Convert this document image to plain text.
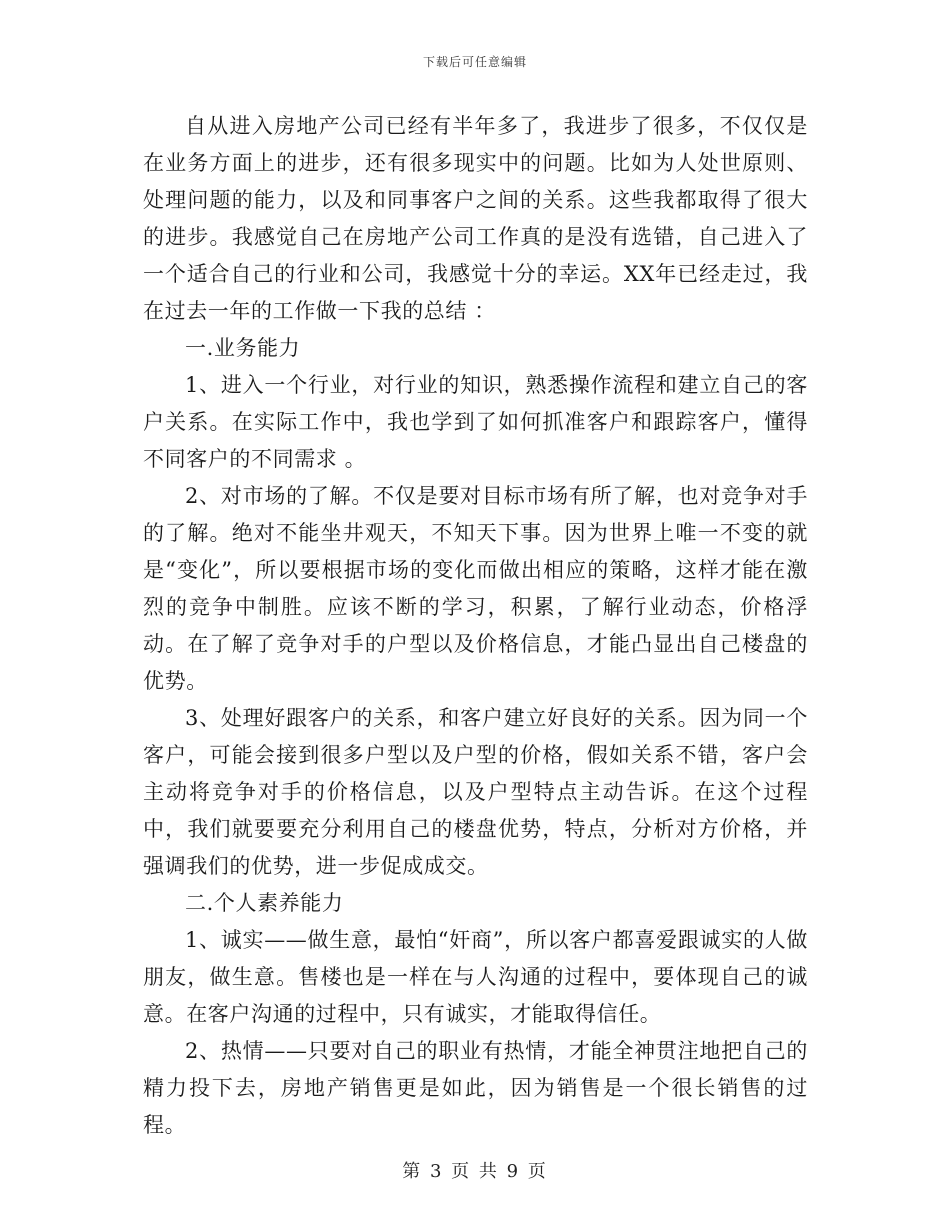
下载后可任意编辑

自从进入房地产公司已经有半年多了，我进步了很多，不仅仅是在业务方面上的进步，还有很多现实中的问题。比如为人处世原则、处理问题的能力，以及和同事客户之间的关系。这些我都取得了很大的进步。我感觉自己在房地产公司工作真的是没有选错，自己进入了一个适合自己的行业和公司，我感觉十分的幸运。XX年已经走过，我在过去一年的工作做一下我的总结 ：

一.业务能力

1、进入一个行业，对行业的知识，熟悉操作流程和建立自己的客户关系。在实际工作中，我也学到了如何抓准客户和跟踪客户，懂得不同客户的不同需求 。

2、对市场的了解。不仅是要对目标市场有所了解，也对竞争对手的了解。绝对不能坐井观天，不知天下事。因为世界上唯一不变的就是“变化”，所以要根据市场的变化而做出相应的策略，这样才能在激烈的竞争中制胜。应该不断的学习，积累，了解行业动态，价格浮动。在了解了竞争对手的户型以及价格信息，才能凸显出自己楼盘的优势。

3、处理好跟客户的关系，和客户建立好良好的关系。因为同一个客户，可能会接到很多户型以及户型的价格，假如关系不错，客户会主动将竞争对手的价格信息，以及户型特点主动告诉。在这个过程中，我们就要要充分利用自己的楼盘优势，特点，分析对方价格，并强调我们的优势，进一步促成成交。

二.个人素养能力

1、诚实——做生意，最怕“奸商”，所以客户都喜爱跟诚实的人做朋友，做生意。售楼也是一样在与人沟通的过程中，要体现自己的诚意。在客户沟通的过程中，只有诚实，才能取得信任。

2、热情——只要对自己的职业有热情，才能全神贯注地把自己的精力投下去，房地产销售更是如此，因为销售是一个很长销售的过程。

第 3 页 共 9 页
